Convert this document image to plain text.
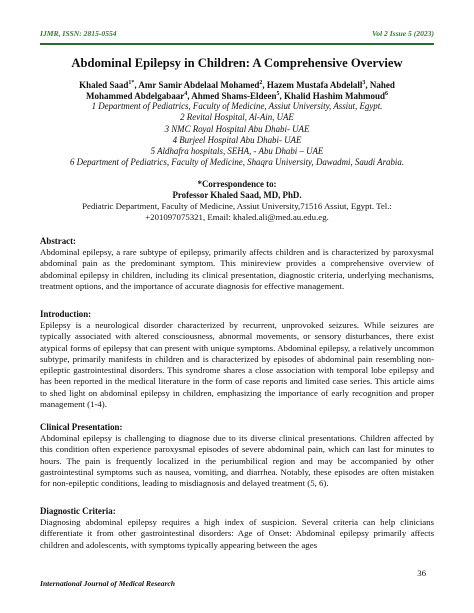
IJMR, ISSN: 2815-0554	Vol 2 Issue 5 (2023)
Abdominal Epilepsy in Children: A Comprehensive Overview
Khaled Saad$^{1*}$, Amr Samir Abdelaal Mohamed$^2$, Hazem Mustafa Abdelall$^3$, Nahed
Mohammed Abdelgabaar$^4$, Ahmed Shams-Eldeen$^5$, Khalid Hashim Mahmoud$^6$
1 Department of Pediatrics, Faculty of Medicine, Assiut University, Assiut, Egypt.
2 Revital Hospital, Al-Ain, UAE
3 NMC Royal Hospital Abu Dhabi- UAE
4 Burjeel Hospital Abu Dhabi- UAE
5 Aldhafra hospitals, SEHA, - Abu Dhabi – UAE
6 Department of Pediatrics, Faculty of Medicine, Shaqra University, Dawadmi, Saudi Arabia.
*Correspondence to:
Professor Khaled Saad, MD, PhD.
Pediatric Department, Faculty of Medicine, Assiut University,71516 Assiut, Egypt. Tel.:
+201097075321, Email: khaled.ali@med.au.edu.eg.
Abstract:
Abdominal epilepsy, a rare subtype of epilepsy, primarily affects children and is characterized by paroxysmal abdominal pain as the predominant symptom. This minireview provides a comprehensive overview of abdominal epilepsy in children, including its clinical presentation, diagnostic criteria, underlying mechanisms, treatment options, and the importance of accurate diagnosis for effective management.
Introduction:
Epilepsy is a neurological disorder characterized by recurrent, unprovoked seizures. While seizures are typically associated with altered consciousness, abnormal movements, or sensory disturbances, there exist atypical forms of epilepsy that can present with unique symptoms. Abdominal epilepsy, a relatively uncommon subtype, primarily manifests in children and is characterized by episodes of abdominal pain resembling non-epileptic gastrointestinal disorders. This syndrome shares a close association with temporal lobe epilepsy and has been reported in the medical literature in the form of case reports and limited case series. This article aims to shed light on abdominal epilepsy in children, emphasizing the importance of early recognition and proper management (1-4).
Clinical Presentation:
Abdominal epilepsy is challenging to diagnose due to its diverse clinical presentations. Children affected by this condition often experience paroxysmal episodes of severe abdominal pain, which can last for minutes to hours. The pain is frequently localized in the periumbilical region and may be accompanied by other gastrointestinal symptoms such as nausea, vomiting, and diarrhea. Notably, these episodes are often mistaken for non-epileptic conditions, leading to misdiagnosis and delayed treatment (5, 6).
Diagnostic Criteria:
Diagnosing abdominal epilepsy requires a high index of suspicion. Several criteria can help clinicians differentiate it from other gastrointestinal disorders: Age of Onset: Abdominal epilepsy primarily affects children and adolescents, with symptoms typically appearing between the ages
36
International Journal of Medical Research
